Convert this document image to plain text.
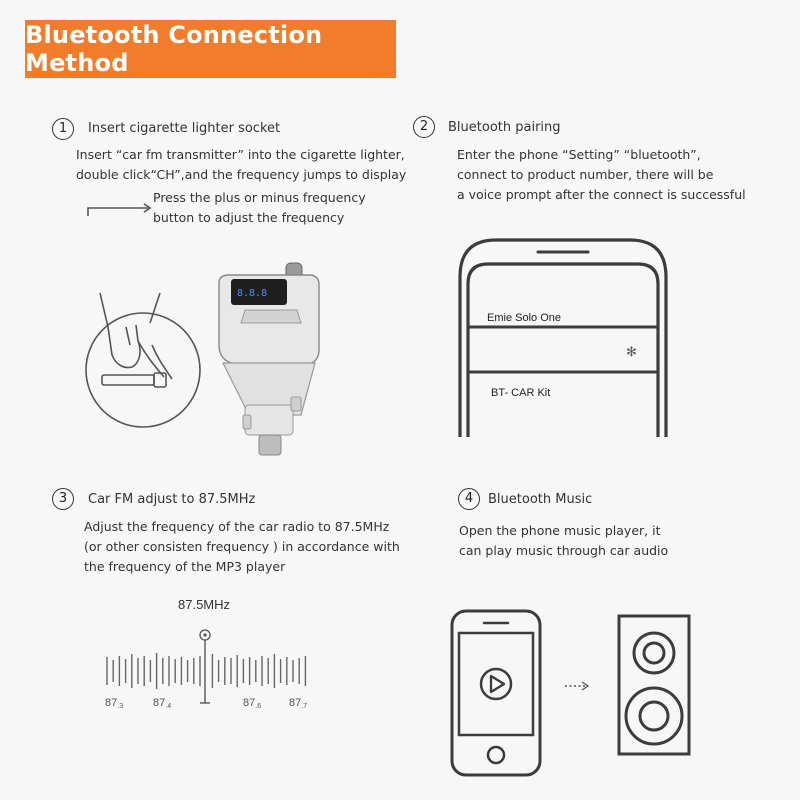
Bluetooth Connection Method
1	Insert cigarette lighter socket
Insert “car fm transmitter” into the cigarette lighter,
double click“CH”,and the frequency jumps to display
Press the plus or minus frequency
button to adjust the frequency
8.8.8
2	Bluetooth pairing
Enter the phone “Setting” “bluetooth”,
connect to product number, there will be
a voice prompt after the connect is successful
Emie Solo One
✻
BT- CAR Kit
3	Car FM adjust to 87.5MHz
Adjust the frequency of the car radio to 87.5MHz
(or other consisten frequency ) in accordance with
the frequency of the MP3 player
87.5MHz
87.3	87.4	87.6	87.7
4	Bluetooth Music
Open the phone music player, it
can play music through car audio
